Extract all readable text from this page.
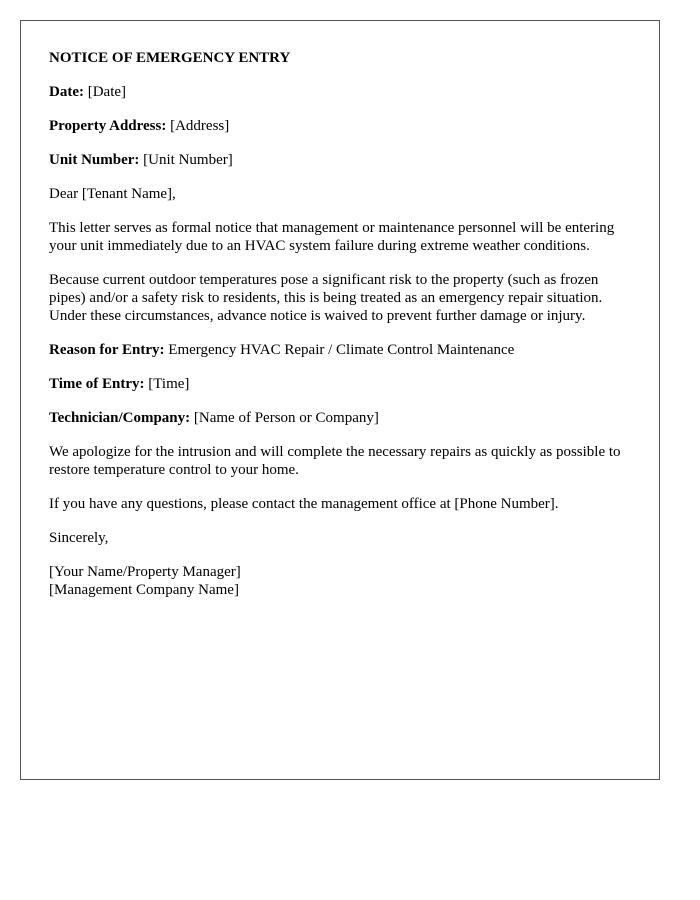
NOTICE OF EMERGENCY ENTRY

Date: [Date]

Property Address: [Address]

Unit Number: [Unit Number]

Dear [Tenant Name],

This letter serves as formal notice that management or maintenance personnel will be entering your unit immediately due to an HVAC system failure during extreme weather conditions.

Because current outdoor temperatures pose a significant risk to the property (such as frozen pipes) and/or a safety risk to residents, this is being treated as an emergency repair situation. Under these circumstances, advance notice is waived to prevent further damage or injury.

Reason for Entry: Emergency HVAC Repair / Climate Control Maintenance

Time of Entry: [Time]

Technician/Company: [Name of Person or Company]

We apologize for the intrusion and will complete the necessary repairs as quickly as possible to restore temperature control to your home.

If you have any questions, please contact the management office at [Phone Number].

Sincerely,

[Your Name/Property Manager]
[Management Company Name]
